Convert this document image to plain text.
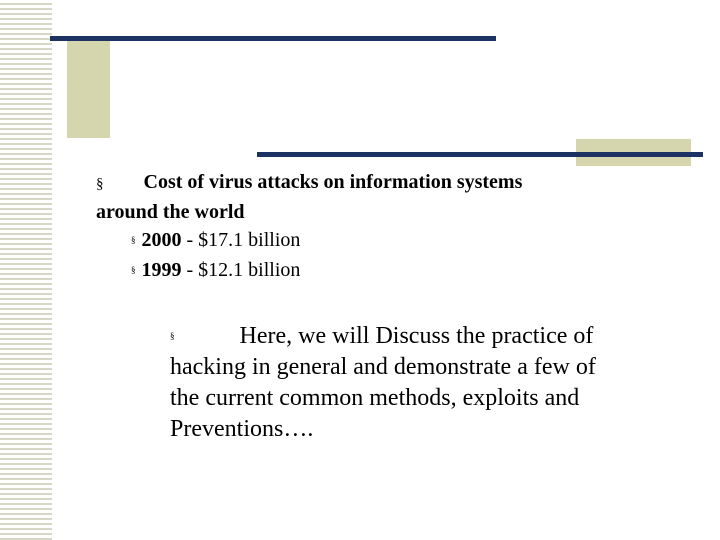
§ Cost of virus attacks on information systems
around the world
§ 2000 - $17.1 billion
§ 1999 - $12.1 billion
§	Here, we will Discuss the practice of
hacking in general and demonstrate a few of
the current common methods, exploits and
Preventions….
